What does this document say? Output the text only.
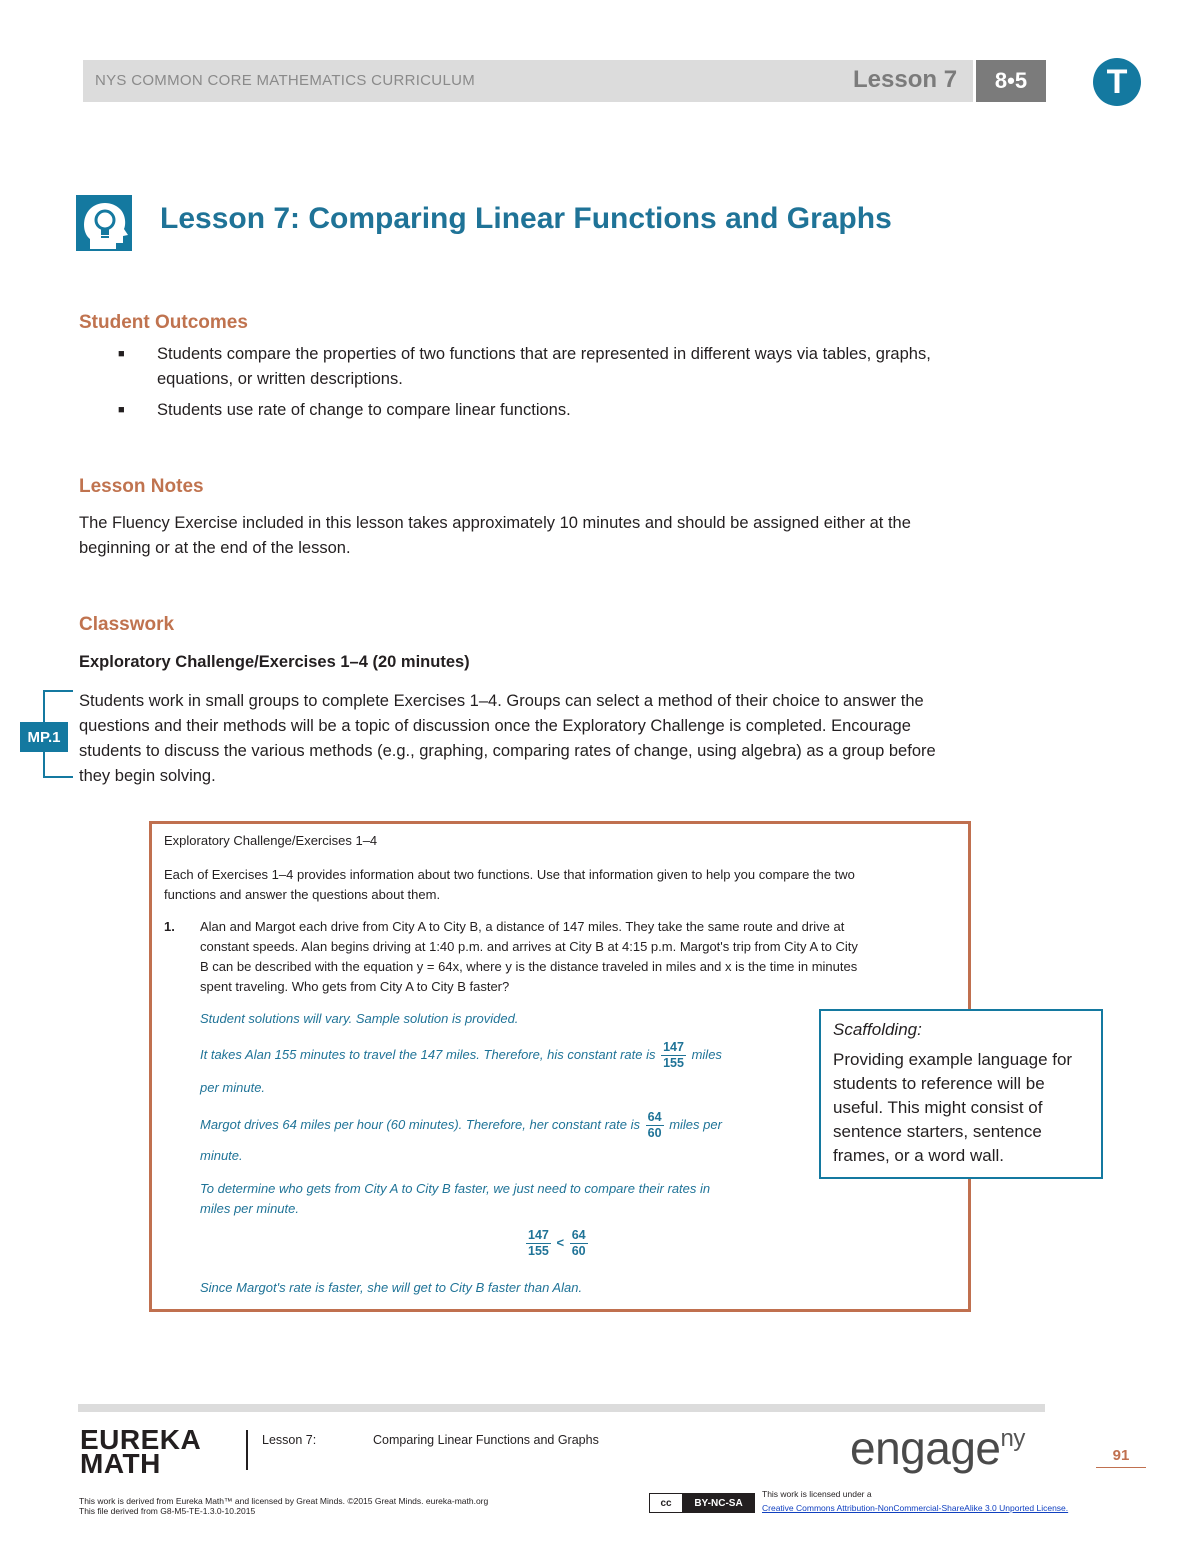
NYS COMMON CORE MATHEMATICS CURRICULUM	Lesson 7	8•5	T
Lesson 7: Comparing Linear Functions and Graphs
Student Outcomes
■ Students compare the properties of two functions that are represented in different ways via tables, graphs,
equations, or written descriptions.
■ Students use rate of change to compare linear functions.
Lesson Notes
The Fluency Exercise included in this lesson takes approximately 10 minutes and should be assigned either at the
beginning or at the end of the lesson.
Classwork
Exploratory Challenge/Exercises 1–4 (20 minutes)
MP.1
Students work in small groups to complete Exercises 1–4. Groups can select a method of their choice to answer the
questions and their methods will be a topic of discussion once the Exploratory Challenge is completed. Encourage
students to discuss the various methods (e.g., graphing, comparing rates of change, using algebra) as a group before
they begin solving.
Exploratory Challenge/Exercises 1–4
Each of Exercises 1–4 provides information about two functions. Use that information given to help you compare the two
functions and answer the questions about them.
1. Alan and Margot each drive from City A to City B, a distance of 147 miles. They take the same route and drive at
constant speeds. Alan begins driving at 1:40 p.m. and arrives at City B at 4:15 p.m. Margot's trip from City A to City
B can be described with the equation y = 64x, where y is the distance traveled in miles and x is the time in minutes
spent traveling. Who gets from City A to City B faster?
Student solutions will vary. Sample solution is provided.
It takes Alan 155 minutes to travel the 147 miles. Therefore, his constant rate is $\frac{147}{155}$ miles
per minute.
Margot drives 64 miles per hour (60 minutes). Therefore, her constant rate is $\frac{64}{60}$ miles per
minute.
To determine who gets from City A to City B faster, we just need to compare their rates in
miles per minute.
$\frac{147}{155} < \frac{64}{60}$
Since Margot's rate is faster, she will get to City B faster than Alan.
Scaffolding:
Providing example language for students to reference will be useful. This might consist of sentence starters, sentence frames, or a word wall.
EUREKA
MATH
Lesson 7:	Comparing Linear Functions and Graphs	engage$^{ny}$
91
This work is derived from Eureka Math™ and licensed by Great Minds. ©2015 Great Minds. eureka-math.org
This file derived from G8-M5-TE-1.3.0-10.2015
cc	BY-NC-SA
This work is licensed under a
Creative Commons Attribution-NonCommercial-ShareAlike 3.0 Unported License.
